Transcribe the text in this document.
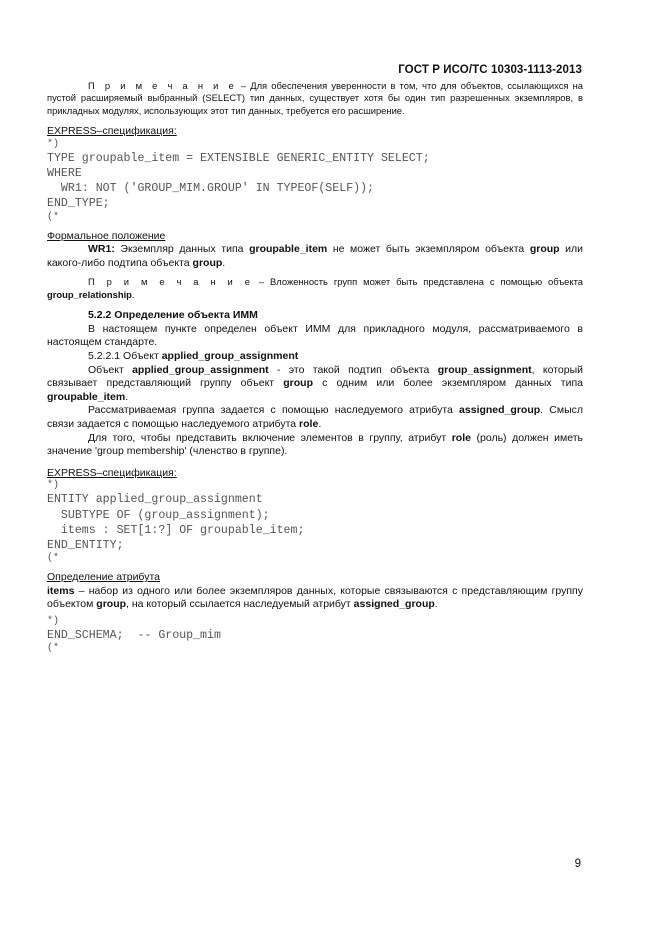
ГОСТ Р ИСО/ТС 10303-1113-2013

П р и м е ч а н и е – Для обеспечения уверенности в том, что для объектов, ссылающихся на пустой расширяемый выбранный (SELECT) тип данных, существует хотя бы один тип разрешенных экземпляров, в прикладных модулях, использующих этот тип данных, требуется его расширение.

EXPRESS–спецификация:

*)
TYPE groupable_item = EXTENSIBLE GENERIC_ENTITY SELECT;
WHERE
WR1: NOT ('GROUP_MIM.GROUP' IN TYPEOF(SELF));
END_TYPE;
(*

Формальное положение

WR1: Экземпляр данных типа groupable_item не может быть экземпляром объекта group или какого-либо подтипа объекта group.

П р и м е ч а н и е – Вложенность групп может быть представлена с помощью объекта group_relationship.

5.2.2 Определение объекта ИММ

В настоящем пункте определен объект ИММ для прикладного модуля, рассматриваемого в настоящем стандарте.

5.2.2.1 Объект applied_group_assignment

Объект applied_group_assignment - это такой подтип объекта group_assignment, который связывает представляющий группу объект group с одним или более экземпляром данных типа groupable_item.

Рассматриваемая группа задается с помощью наследуемого атрибута assigned_group. Смысл связи задается с помощью наследуемого атрибута role.

Для того, чтобы представить включение элементов в группу, атрибут role (роль) должен иметь значение 'group membership' (членство в группе).

EXPRESS–спецификация:

*)
ENTITY applied_group_assignment
SUBTYPE OF (group_assignment);
items : SET[1:?] OF groupable_item;
END_ENTITY;
(*

Определение атрибута

items – набор из одного или более экземпляров данных, которые связываются с представляющим группу объектом group, на который ссылается наследуемый атрибут assigned_group.

*)
END_SCHEMA;  -- Group_mim
(*
9
